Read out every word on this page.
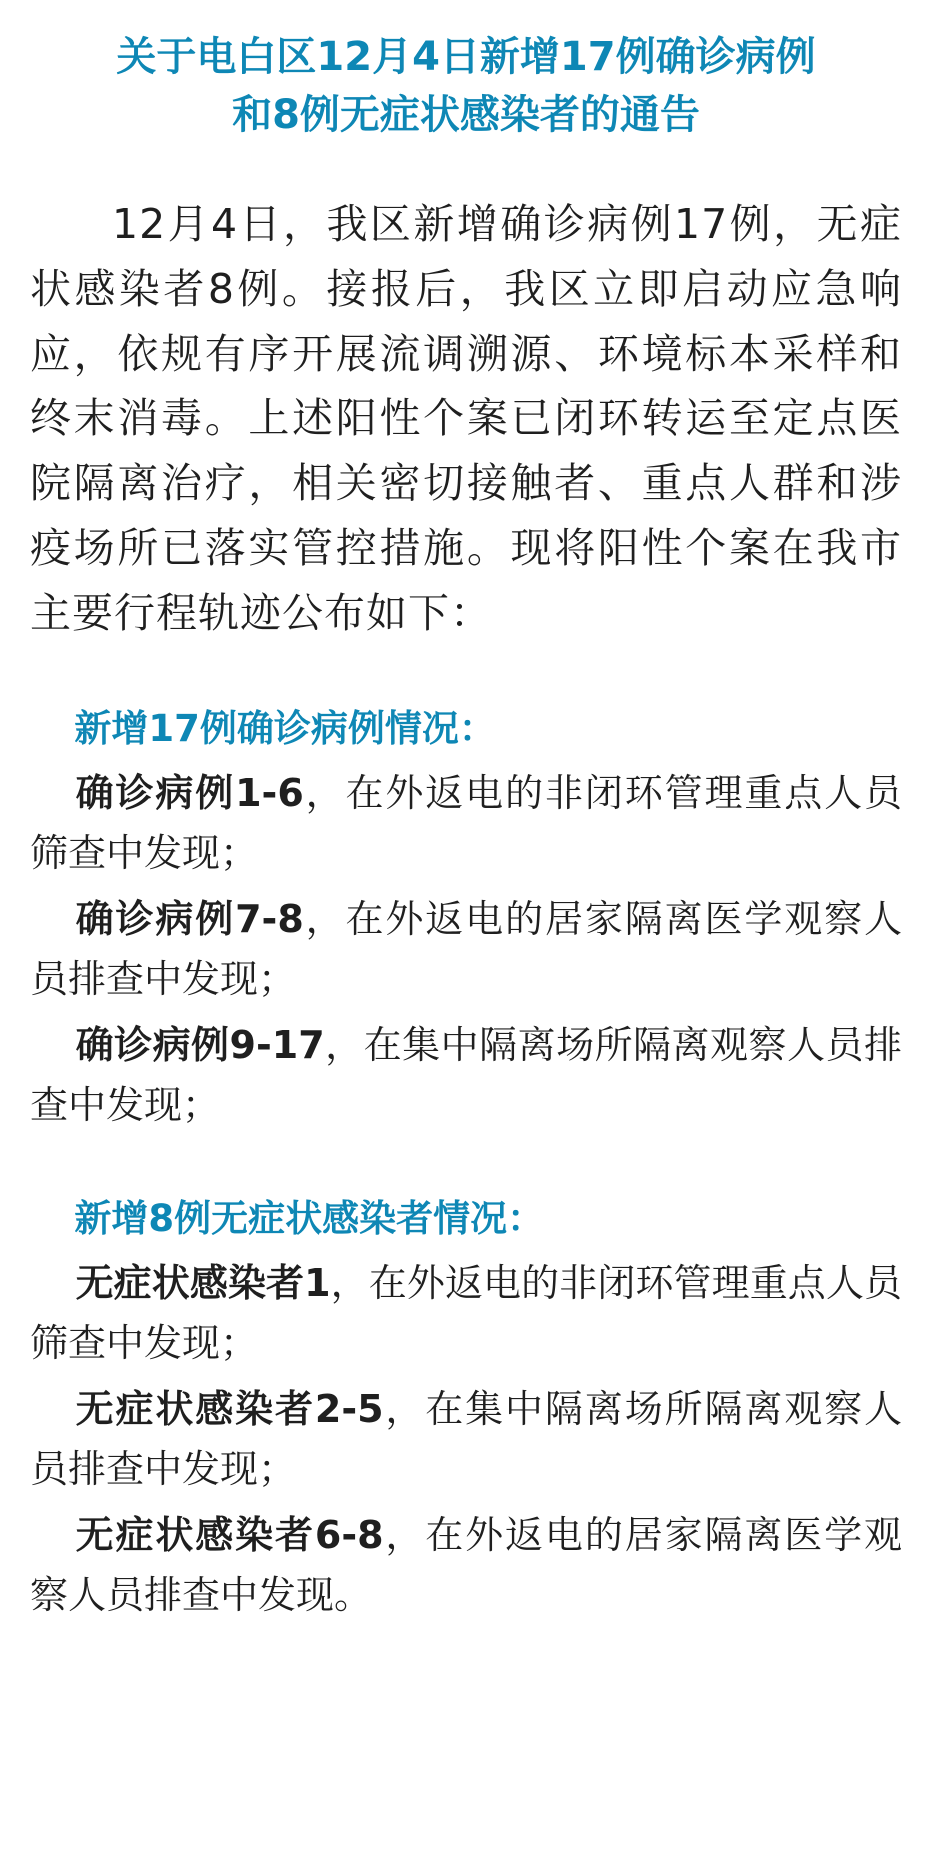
关于电白区12月4日新增17例确诊病例
和8例无症状感染者的通告

12月4日，我区新增确诊病例17例，无症状感染者8例。接报后，我区立即启动应急响应，依规有序开展流调溯源、环境标本采样和终末消毒。上述阳性个案已闭环转运至定点医院隔离治疗，相关密切接触者、重点人群和涉疫场所已落实管控措施。现将阳性个案在我市主要行程轨迹公布如下：

新增17例确诊病例情况：

确诊病例1-6，在外返电的非闭环管理重点人员筛查中发现；

确诊病例7-8，在外返电的居家隔离医学观察人员排查中发现；

确诊病例9-17，在集中隔离场所隔离观察人员排查中发现；

新增8例无症状感染者情况：

无症状感染者1，在外返电的非闭环管理重点人员筛查中发现；

无症状感染者2-5，在集中隔离场所隔离观察人员排查中发现；

无症状感染者6-8，在外返电的居家隔离医学观察人员排查中发现。
